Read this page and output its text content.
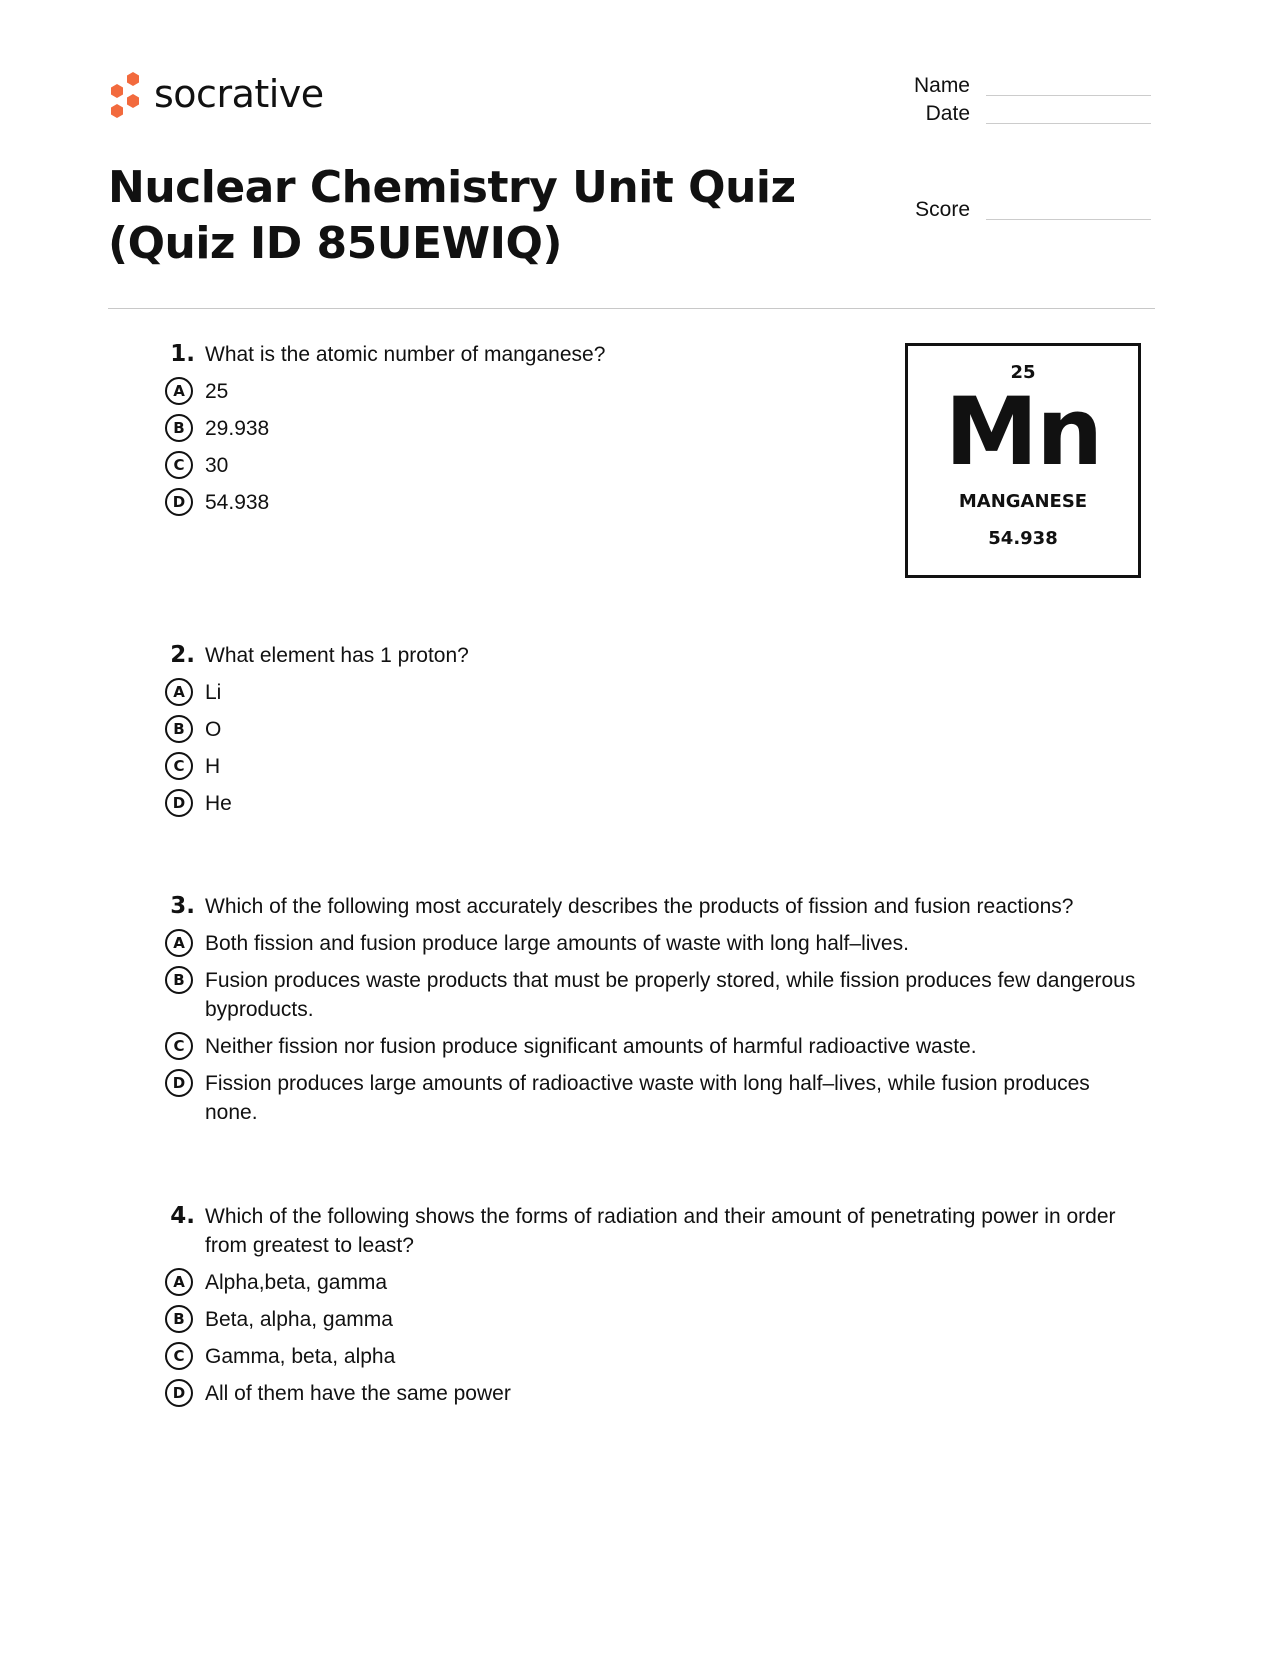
socrative	Name
Date
Score
Nuclear Chemistry Unit Quiz
(Quiz ID 85UEWIQ)
25
Mn
MANGANESE
54.938
1. What is the atomic number of manganese?
A 25
B 29.938
C 30
D 54.938
2. What element has 1 proton?
A Li
B O
C H
D He
3. Which of the following most accurately describes the products of fission and fusion reactions?
A Both fission and fusion produce large amounts of waste with long half–lives.
B Fusion produces waste products that must be properly stored, while fission produces few dangerous byproducts.
C Neither fission nor fusion produce significant amounts of harmful radioactive waste.
D Fission produces large amounts of radioactive waste with long half–lives, while fusion produces none.
4. Which of the following shows the forms of radiation and their amount of penetrating power in order from greatest to least?
A Alpha,beta, gamma
B Beta, alpha, gamma
C Gamma, beta, alpha
D All of them have the same power
